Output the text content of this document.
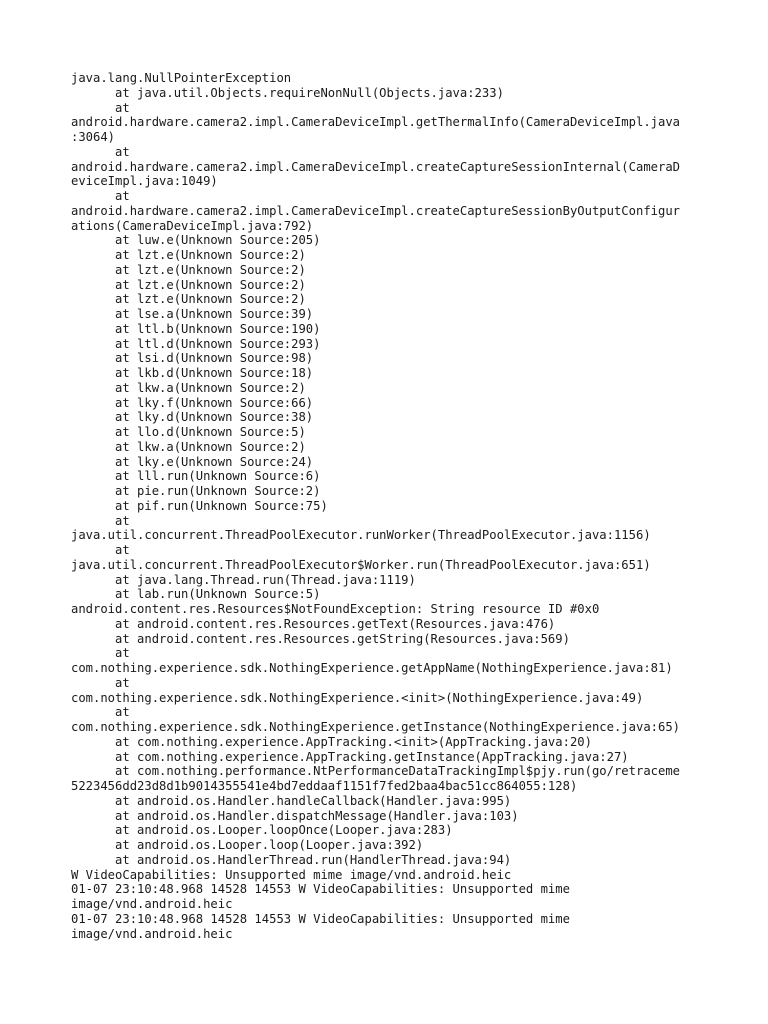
java.lang.NullPointerException
at java.util.Objects.requireNonNull(Objects.java:233)
at
android.hardware.camera2.impl.CameraDeviceImpl.getThermalInfo(CameraDeviceImpl.java
:3064)
at
android.hardware.camera2.impl.CameraDeviceImpl.createCaptureSessionInternal(CameraD
eviceImpl.java:1049)
at
android.hardware.camera2.impl.CameraDeviceImpl.createCaptureSessionByOutputConfigur
ations(CameraDeviceImpl.java:792)
at luw.e(Unknown Source:205)
at lzt.e(Unknown Source:2)
at lzt.e(Unknown Source:2)
at lzt.e(Unknown Source:2)
at lzt.e(Unknown Source:2)
at lse.a(Unknown Source:39)
at ltl.b(Unknown Source:190)
at ltl.d(Unknown Source:293)
at lsi.d(Unknown Source:98)
at lkb.d(Unknown Source:18)
at lkw.a(Unknown Source:2)
at lky.f(Unknown Source:66)
at lky.d(Unknown Source:38)
at llo.d(Unknown Source:5)
at lkw.a(Unknown Source:2)
at lky.e(Unknown Source:24)
at lll.run(Unknown Source:6)
at pie.run(Unknown Source:2)
at pif.run(Unknown Source:75)
at
java.util.concurrent.ThreadPoolExecutor.runWorker(ThreadPoolExecutor.java:1156)
at
java.util.concurrent.ThreadPoolExecutor$Worker.run(ThreadPoolExecutor.java:651)
at java.lang.Thread.run(Thread.java:1119)
at lab.run(Unknown Source:5)
android.content.res.Resources$NotFoundException: String resource ID #0x0
at android.content.res.Resources.getText(Resources.java:476)
at android.content.res.Resources.getString(Resources.java:569)
at
com.nothing.experience.sdk.NothingExperience.getAppName(NothingExperience.java:81)
at
com.nothing.experience.sdk.NothingExperience.<init>(NothingExperience.java:49)
at
com.nothing.experience.sdk.NothingExperience.getInstance(NothingExperience.java:65)
at com.nothing.experience.AppTracking.<init>(AppTracking.java:20)
at com.nothing.experience.AppTracking.getInstance(AppTracking.java:27)
at com.nothing.performance.NtPerformanceDataTrackingImpl$pjy.run(go/retraceme
5223456dd23d8d1b9014355541e4bd7eddaaf1151f7fed2baa4bac51cc864055:128)
at android.os.Handler.handleCallback(Handler.java:995)
at android.os.Handler.dispatchMessage(Handler.java:103)
at android.os.Looper.loopOnce(Looper.java:283)
at android.os.Looper.loop(Looper.java:392)
at android.os.HandlerThread.run(HandlerThread.java:94)
W VideoCapabilities: Unsupported mime image/vnd.android.heic
01-07 23:10:48.968 14528 14553 W VideoCapabilities: Unsupported mime
image/vnd.android.heic
01-07 23:10:48.968 14528 14553 W VideoCapabilities: Unsupported mime
image/vnd.android.heic
